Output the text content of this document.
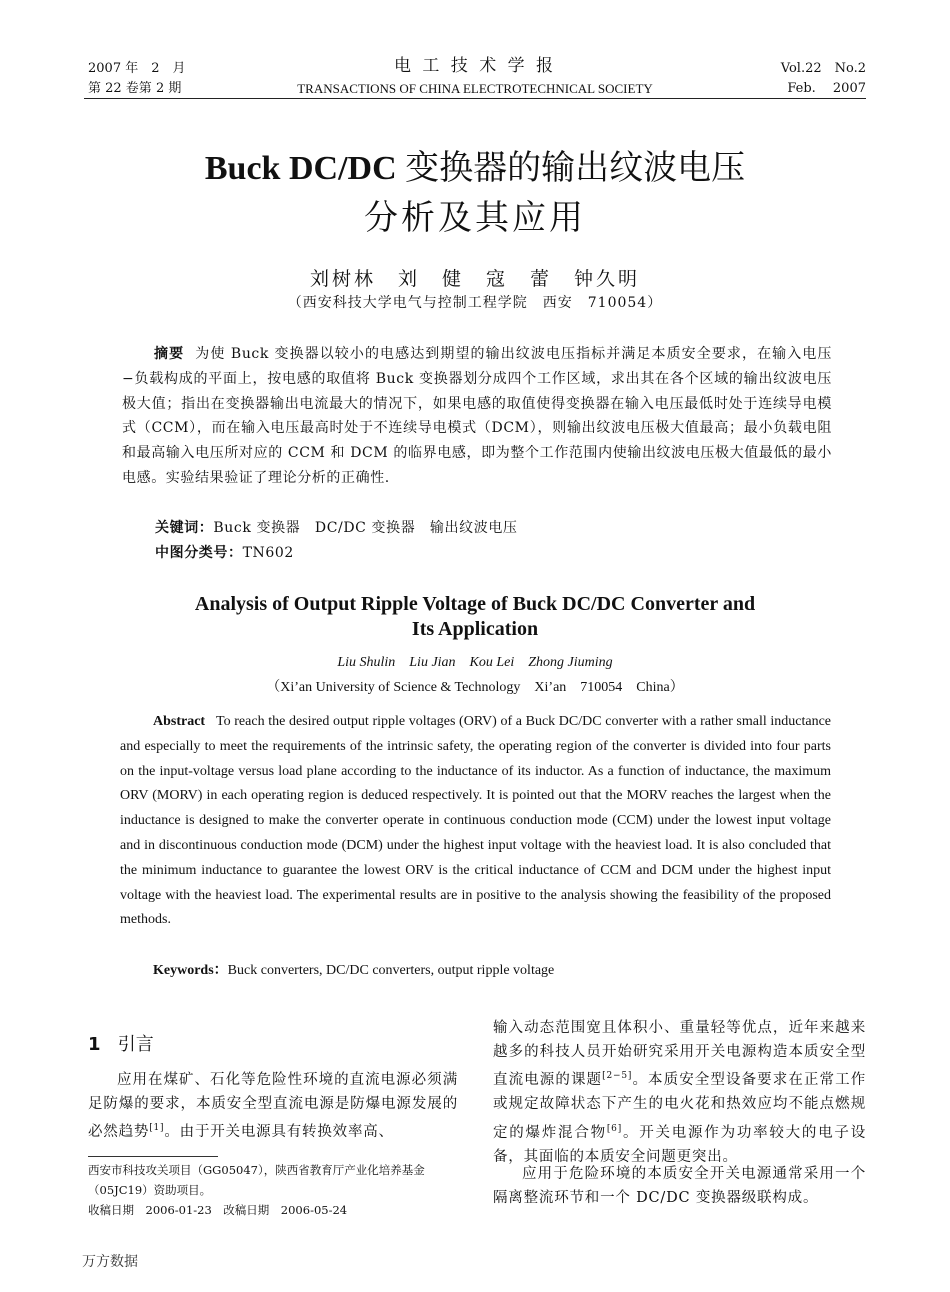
2007 年　2　月
第 22 卷第 2 期
电 工 技 术 学 报
TRANSACTIONS OF CHINA ELECTROTECHNICAL SOCIETY
Vol.22　No.2
Feb.　 2007
Buck DC/DC 变换器的输出纹波电压
分析及其应用
刘树林　刘　健　寇　蕾　钟久明
（西安科技大学电气与控制工程学院　西安　710054）
摘要 为使 Buck 变换器以较小的电感达到期望的输出纹波电压指标并满足本质安全要求，在输入电压−负载构成的平面上，按电感的取值将 Buck 变换器划分成四个工作区域，求出其在各个区域的输出纹波电压极大值；指出在变换器输出电流最大的情况下，如果电感的取值使得变换器在输入电压最低时处于连续导电模式（CCM），而在输入电压最高时处于不连续导电模式（DCM），则输出纹波电压极大值最高；最小负载电阻和最高输入电压所对应的 CCM 和 DCM 的临界电感，即为整个工作范围内使输出纹波电压极大值最低的最小电感。实验结果验证了理论分析的正确性.
关键词：Buck 变换器　DC/DC 变换器　输出纹波电压
中图分类号：TN602
Analysis of Output Ripple Voltage of Buck DC/DC Converter and
Its Application
Liu Shulin　Liu Jian　Kou Lei　Zhong Jiuming
（Xi’an University of Science & Technology　Xi’an　710054　China）
Abstract To reach the desired output ripple voltages (ORV) of a Buck DC/DC converter with a rather small inductance and especially to meet the requirements of the intrinsic safety, the operating region of the converter is divided into four parts on the input-voltage versus load plane according to the inductance of its inductor. As a function of inductance, the maximum ORV (MORV) in each operating region is deduced respectively. It is pointed out that the MORV reaches the largest when the inductance is designed to make the converter operate in continuous conduction mode (CCM) under the lowest input voltage and in discontinuous conduction mode (DCM) under the highest input voltage with the heaviest load. It is also concluded that the minimum inductance to guarantee the lowest ORV is the critical inductance of CCM and DCM under the highest input voltage with the heaviest load. The experimental results are in positive to the analysis showing the feasibility of the proposed methods.
Keywords：Buck converters, DC/DC converters, output ripple voltage
1 引言
应用在煤矿、石化等危险性环境的直流电源必须满足防爆的要求，本质安全型直流电源是防爆电源发展的必然趋势[1]。由于开关电源具有转换效率高、
西安市科技攻关项目（GG05047），陕西省教育厅产业化培养基金（05JC19）资助项目。
收稿日期　2006-01-23　改稿日期　2006-05-24
输入动态范围宽且体积小、重量轻等优点，近年来越来越多的科技人员开始研究采用开关电源构造本质安全型直流电源的课题[2−5]。本质安全型设备要求在正常工作或规定故障状态下产生的电火花和热效应均不能点燃规定的爆炸混合物[6]。开关电源作为功率较大的电子设备，其面临的本质安全问题更突出。
应用于危险环境的本质安全开关电源通常采用一个隔离整流环节和一个 DC/DC 变换器级联构成。
万方数据
